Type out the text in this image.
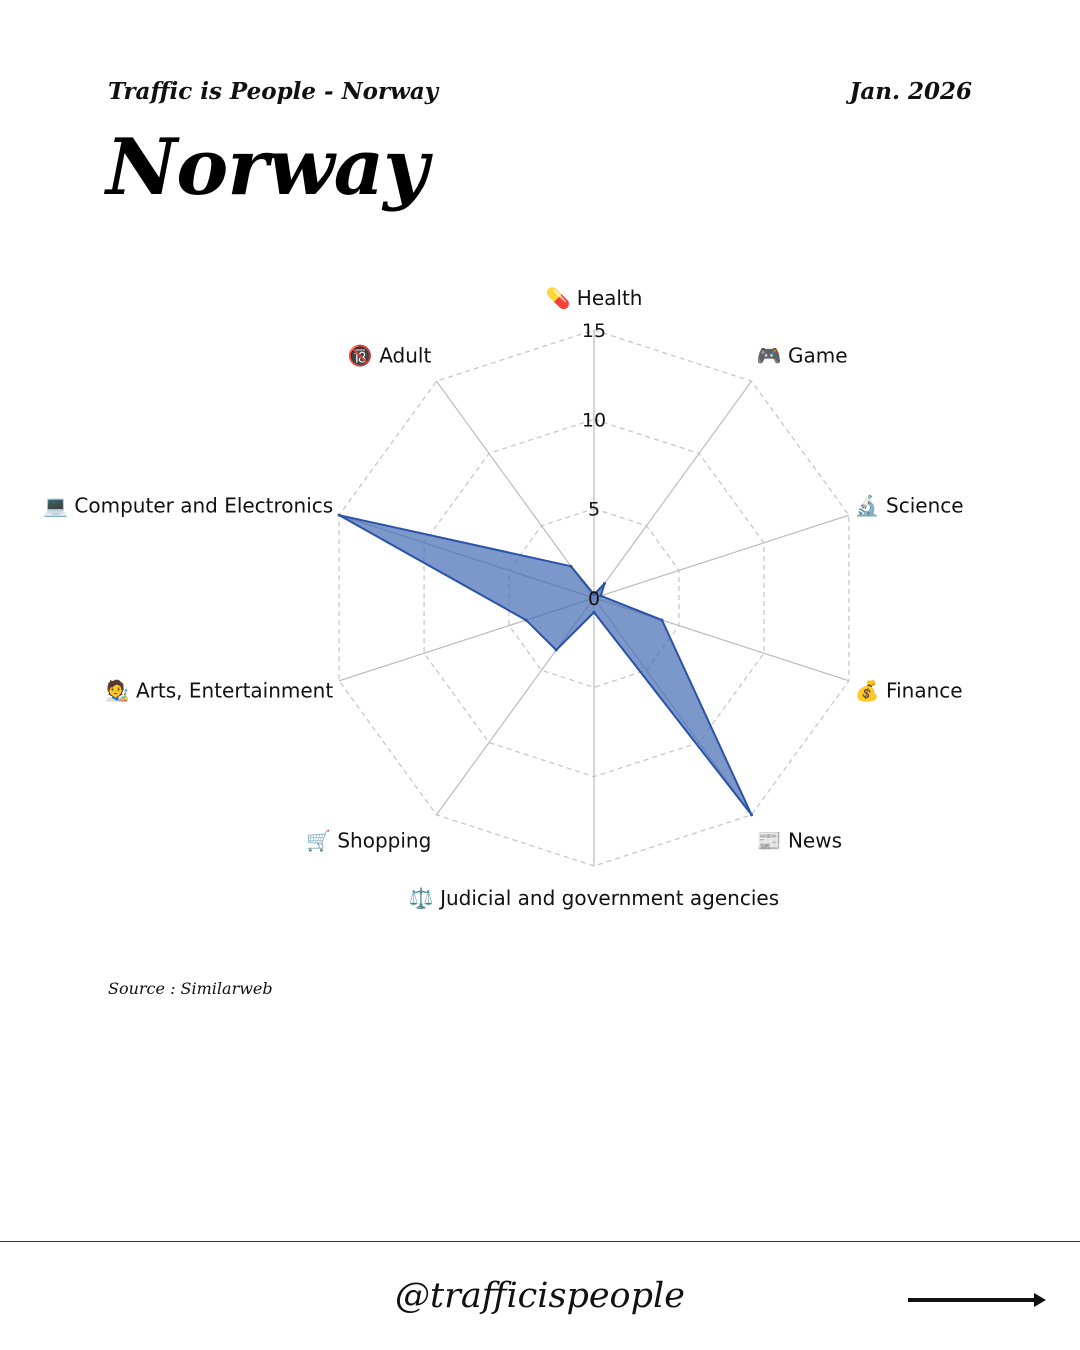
Traffic is People - Norway	Jan. 2026
Norway
0
5
10
15
💊 Health
🎮 Game
🔬 Science
💰 Finance
📰 News
⚖️ Judicial and government agencies
🛒 Shopping
🧑‍🎨 Arts, Entertainment
💻 Computer and Electronics
🔞 Adult
Source : Similarweb
@trafficispeople
